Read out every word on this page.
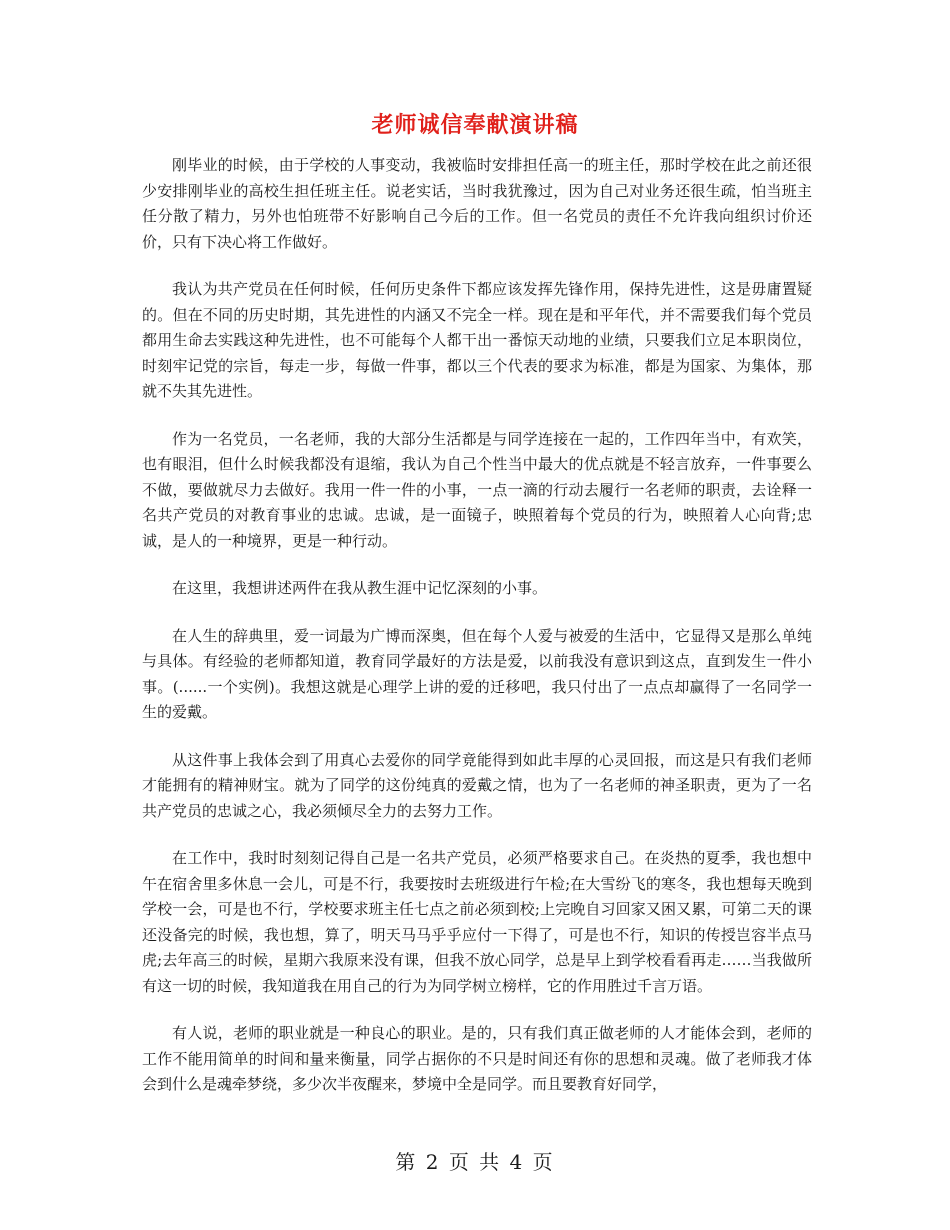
老师诚信奉献演讲稿

刚毕业的时候，由于学校的人事变动，我被临时安排担任高一的班主任，那时学校在此之前还很少安排刚毕业的高校生担任班主任。说老实话，当时我犹豫过，因为自己对业务还很生疏，怕当班主任分散了精力，另外也怕班带不好影响自己今后的工作。但一名党员的责任不允许我向组织讨价还价，只有下决心将工作做好。

我认为共产党员在任何时候，任何历史条件下都应该发挥先锋作用，保持先进性，这是毋庸置疑的。但在不同的历史时期，其先进性的内涵又不完全一样。现在是和平年代，并不需要我们每个党员都用生命去实践这种先进性，也不可能每个人都干出一番惊天动地的业绩，只要我们立足本职岗位，时刻牢记党的宗旨，每走一步，每做一件事，都以三个代表的要求为标准，都是为国家、为集体，那就不失其先进性。

作为一名党员，一名老师，我的大部分生活都是与同学连接在一起的，工作四年当中，有欢笑，也有眼泪，但什么时候我都没有退缩，我认为自己个性当中最大的优点就是不轻言放弃，一件事要么不做，要做就尽力去做好。我用一件一件的小事，一点一滴的行动去履行一名老师的职责，去诠释一名共产党员的对教育事业的忠诚。忠诚，是一面镜子，映照着每个党员的行为，映照着人心向背;忠诚，是人的一种境界，更是一种行动。

在这里，我想讲述两件在我从教生涯中记忆深刻的小事。

在人生的辞典里，爱一词最为广博而深奥，但在每个人爱与被爱的生活中，它显得又是那么单纯与具体。有经验的老师都知道，教育同学最好的方法是爱，以前我没有意识到这点，直到发生一件小事。(......一个实例)。我想这就是心理学上讲的爱的迁移吧，我只付出了一点点却赢得了一名同学一生的爱戴。

从这件事上我体会到了用真心去爱你的同学竟能得到如此丰厚的心灵回报，而这是只有我们老师才能拥有的精神财宝。就为了同学的这份纯真的爱戴之情，也为了一名老师的神圣职责，更为了一名共产党员的忠诚之心，我必须倾尽全力的去努力工作。

在工作中，我时时刻刻记得自己是一名共产党员，必须严格要求自己。在炎热的夏季，我也想中午在宿舍里多休息一会儿，可是不行，我要按时去班级进行午检;在大雪纷飞的寒冬，我也想每天晚到学校一会，可是也不行，学校要求班主任七点之前必须到校;上完晚自习回家又困又累，可第二天的课还没备完的时候，我也想，算了，明天马马乎乎应付一下得了，可是也不行，知识的传授岂容半点马虎;去年高三的时候，星期六我原来没有课，但我不放心同学，总是早上到学校看看再走……当我做所有这一切的时候，我知道我在用自己的行为为同学树立榜样，它的作用胜过千言万语。

有人说，老师的职业就是一种良心的职业。是的，只有我们真正做老师的人才能体会到，老师的工作不能用简单的时间和量来衡量，同学占据你的不只是时间还有你的思想和灵魂。做了老师我才体会到什么是魂牵梦绕，多少次半夜醒来，梦境中全是同学。而且要教育好同学，

第 2 页 共 4 页
